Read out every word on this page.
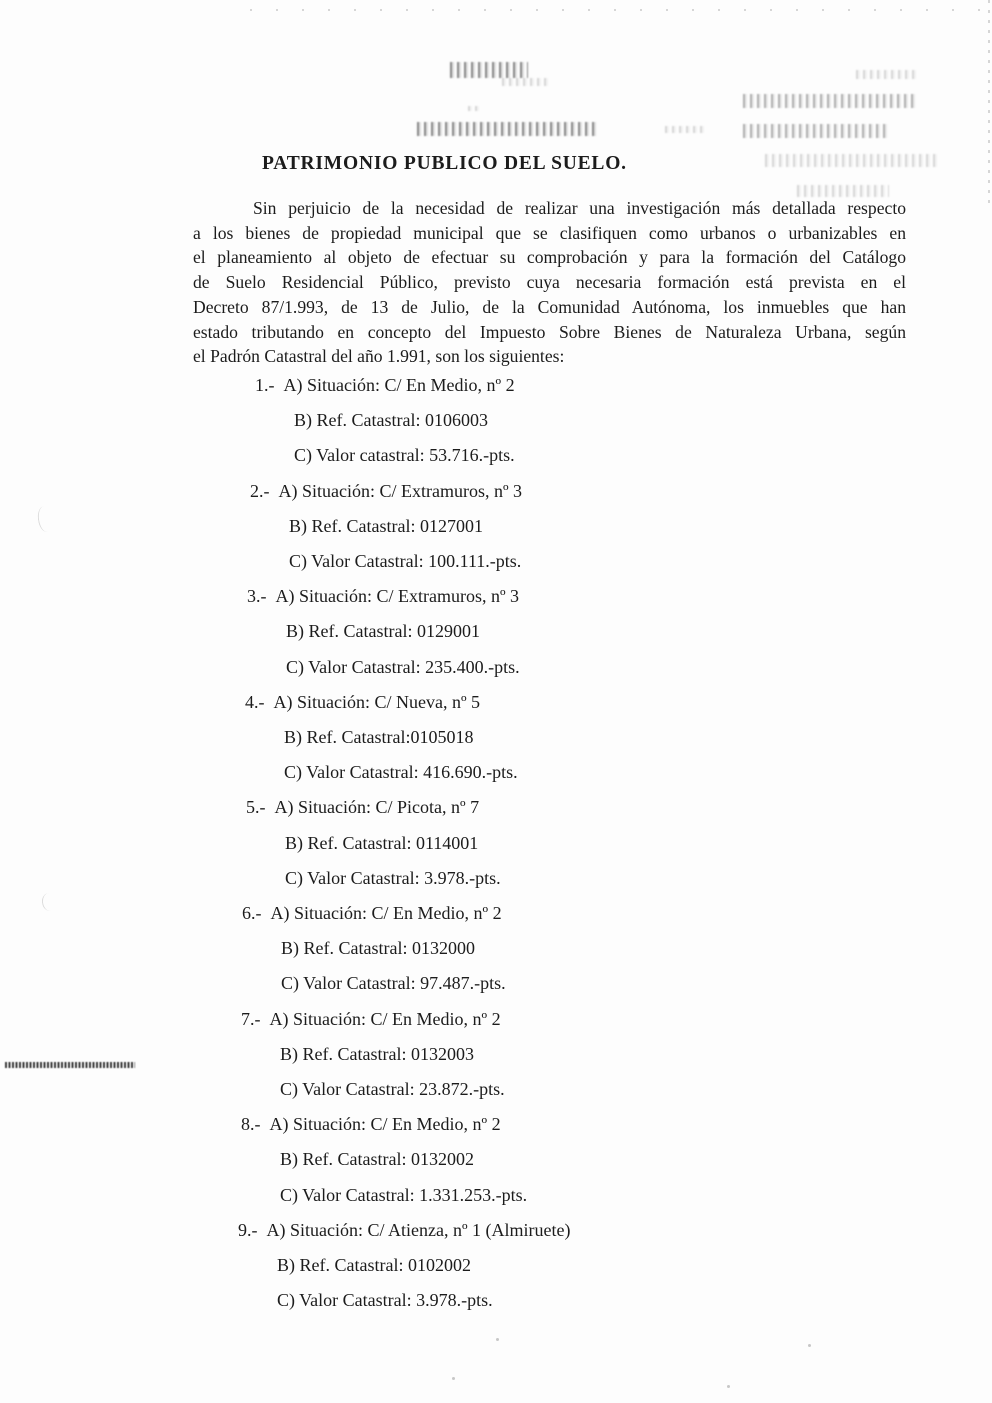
PATRIMONIO PUBLICO DEL SUELO.
Sin perjuicio de la necesidad de realizar una investigación más detallada respecto
a los bienes de propiedad municipal que se clasifiquen como urbanos o urbanizables en
el planeamiento al objeto de efectuar su comprobación y para la formación del Catálogo
de Suelo Residencial Público, previsto cuya necesaria formación está prevista en el
Decreto 87/1.993, de 13 de Julio, de la Comunidad Autónoma, los inmuebles que han
estado tributando en concepto del Impuesto Sobre Bienes de Naturaleza Urbana, según
el Padrón Catastral del año 1.991, son los siguientes:
1.- A) Situación: C/ En Medio, nº 2
B) Ref. Catastral: 0106003
C) Valor catastral: 53.716.-pts.
2.- A) Situación: C/ Extramuros, nº 3
B) Ref. Catastral: 0127001
C) Valor Catastral: 100.111.-pts.
3.- A) Situación: C/ Extramuros, nº 3
B) Ref. Catastral: 0129001
C) Valor Catastral: 235.400.-pts.
4.- A) Situación: C/ Nueva, nº 5
B) Ref. Catastral:0105018
C) Valor Catastral: 416.690.-pts.
5.- A) Situación: C/ Picota, nº 7
B) Ref. Catastral: 0114001
C) Valor Catastral: 3.978.-pts.
6.- A) Situación: C/ En Medio, nº 2
B) Ref. Catastral: 0132000
C) Valor Catastral: 97.487.-pts.
7.- A) Situación: C/ En Medio, nº 2
B) Ref. Catastral: 0132003
C) Valor Catastral: 23.872.-pts.
8.- A) Situación: C/ En Medio, nº 2
B) Ref. Catastral: 0132002
C) Valor Catastral: 1.331.253.-pts.
9.- A) Situación: C/ Atienza, nº 1 (Almiruete)
B) Ref. Catastral: 0102002
C) Valor Catastral: 3.978.-pts.
